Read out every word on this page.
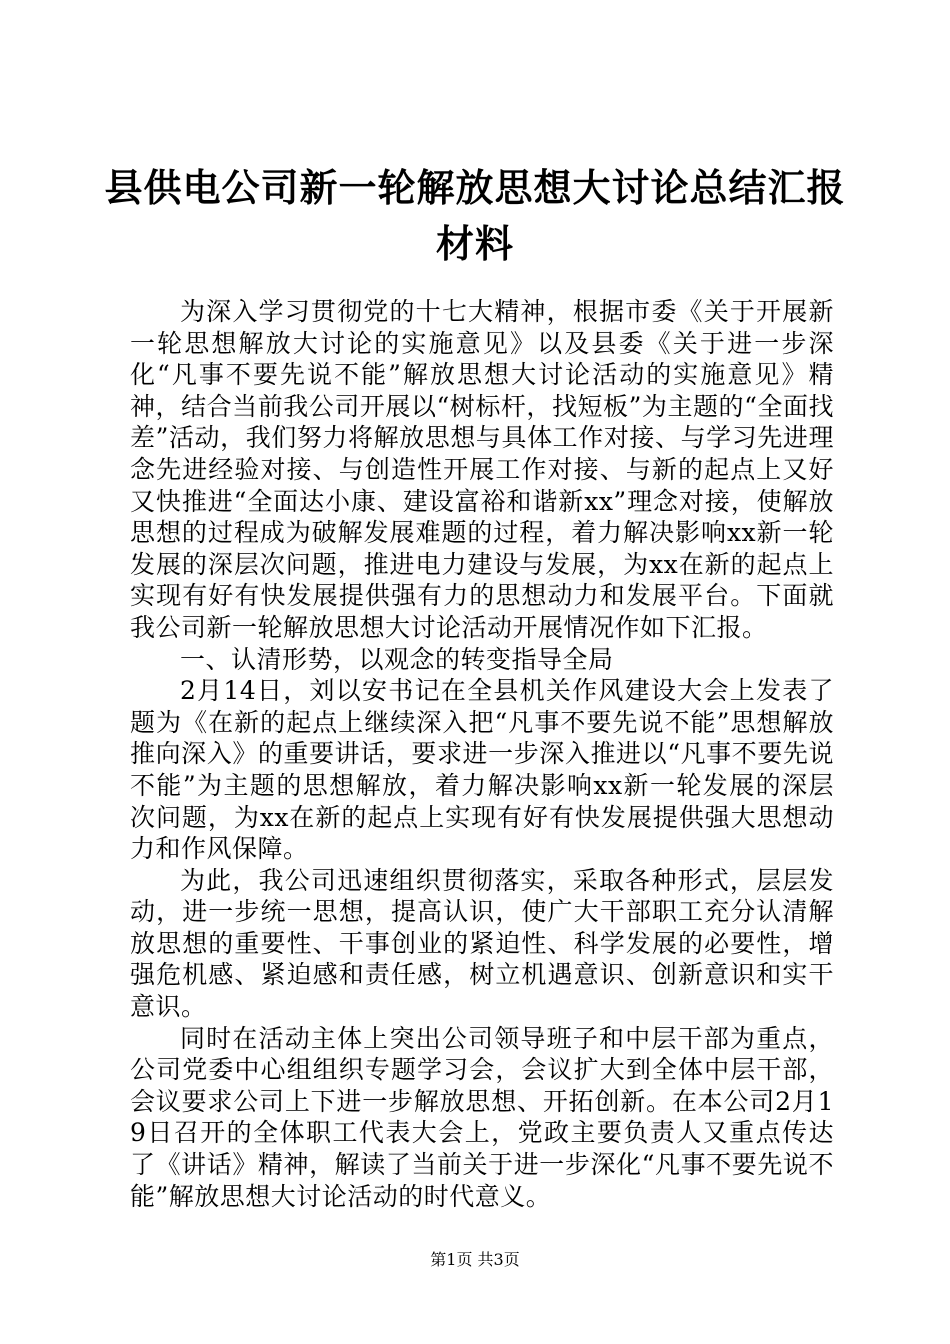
县供电公司新一轮解放思想大讨论总结汇报材料

为深入学习贯彻党的十七大精神，根据市委《关于开展新一轮思想解放大讨论的实施意见》以及县委《关于进一步深化“凡事不要先说不能”解放思想大讨论活动的实施意见》精神，结合当前我公司开展以“树标杆，找短板”为主题的“全面找差”活动，我们努力将解放思想与具体工作对接、与学习先进理念先进经验对接、与创造性开展工作对接、与新的起点上又好又快推进“全面达小康、建设富裕和谐新xx”理念对接，使解放思想的过程成为破解发展难题的过程，着力解决影响xx新一轮发展的深层次问题，推进电力建设与发展，为xx在新的起点上实现有好有快发展提供强有力的思想动力和发展平台。下面就我公司新一轮解放思想大讨论活动开展情况作如下汇报。

一、认清形势，以观念的转变指导全局

2月14日，刘以安书记在全县机关作风建设大会上发表了题为《在新的起点上继续深入把“凡事不要先说不能”思想解放推向深入》的重要讲话，要求进一步深入推进以“凡事不要先说不能”为主题的思想解放，着力解决影响xx新一轮发展的深层次问题，为xx在新的起点上实现有好有快发展提供强大思想动力和作风保障。

为此，我公司迅速组织贯彻落实，采取各种形式，层层发动，进一步统一思想，提高认识，使广大干部职工充分认清解放思想的重要性、干事创业的紧迫性、科学发展的必要性，增强危机感、紧迫感和责任感，树立机遇意识、创新意识和实干意识。

同时在活动主体上突出公司领导班子和中层干部为重点，公司党委中心组组织专题学习会，会议扩大到全体中层干部，会议要求公司上下进一步解放思想、开拓创新。在本公司2月19日召开的全体职工代表大会上，党政主要负责人又重点传达了《讲话》精神，解读了当前关于进一步深化“凡事不要先说不能”解放思想大讨论活动的时代意义。

第1页 共3页
